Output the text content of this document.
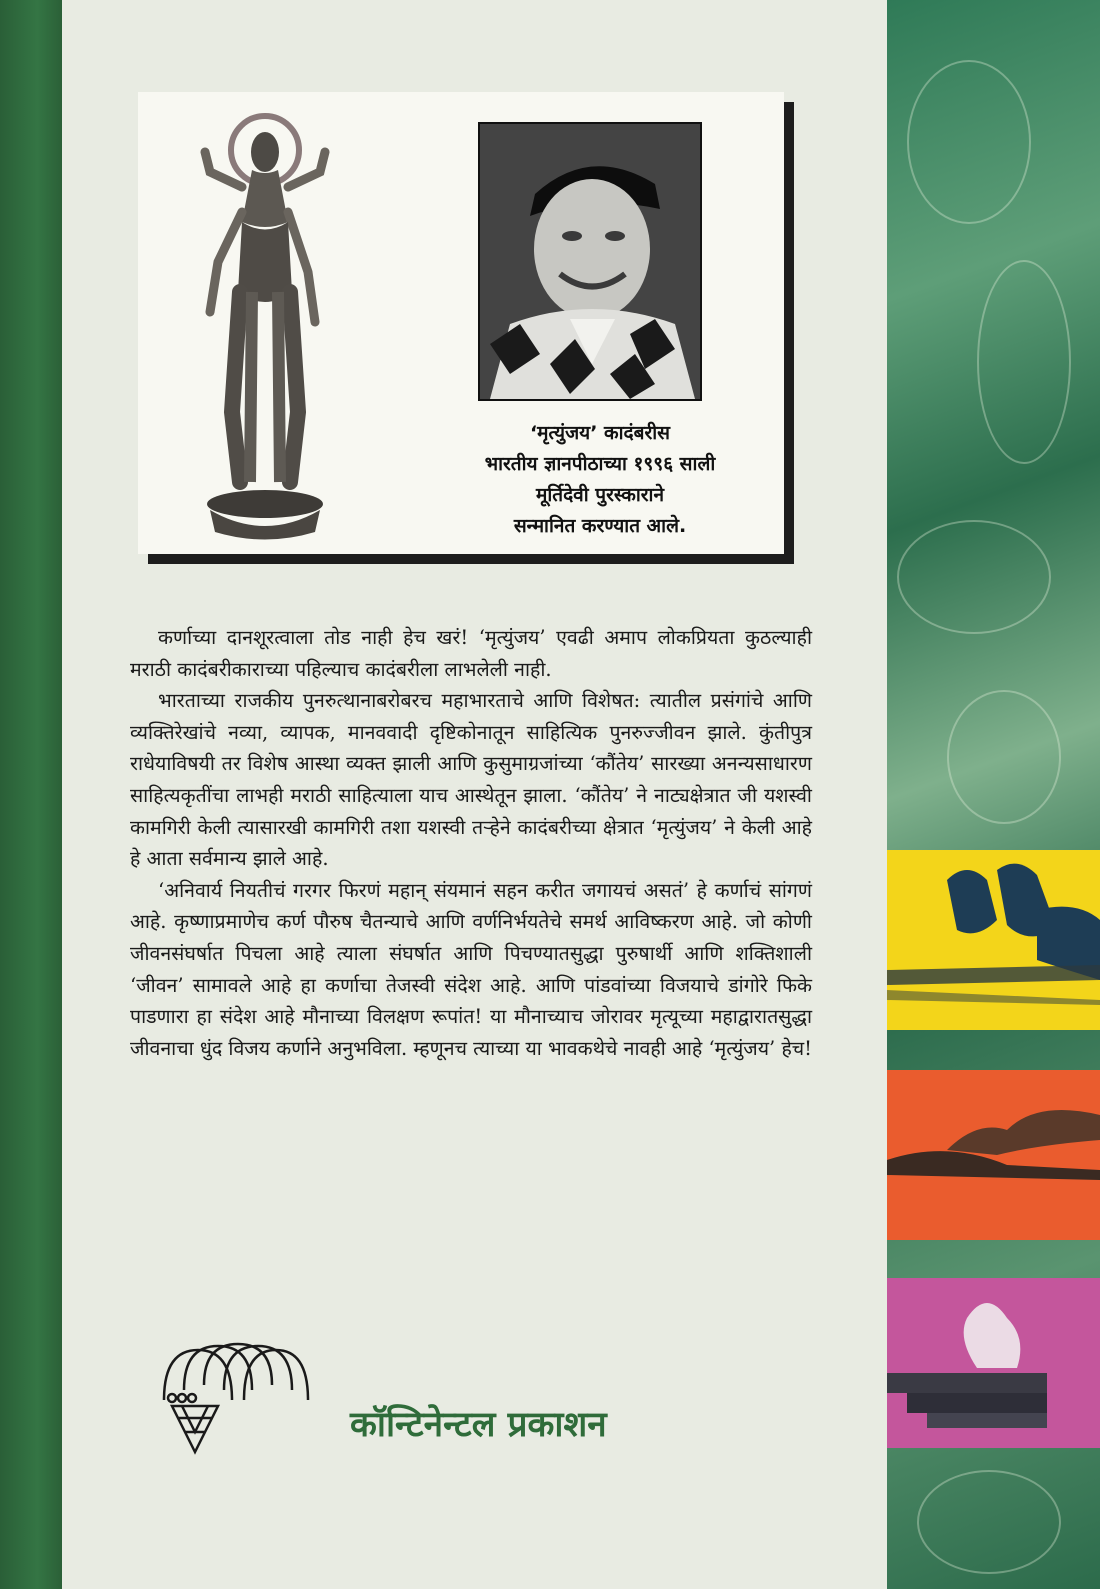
‘मृत्युंजय’ कादंबरीस
भारतीय ज्ञानपीठाच्या १९९६ साली
मूर्तिदेवी पुरस्काराने
सन्मानित करण्यात आले.

कर्णाच्या दानशूरत्वाला तोड नाही हेच खरं! ‘मृत्युंजय’ एवढी अमाप लोकप्रियता कुठल्याही मराठी कादंबरीकाराच्या पहिल्याच कादंबरीला लाभलेली नाही.

भारताच्या राजकीय पुनरुत्थानाबरोबरच महाभारताचे आणि विशेषत: त्यातील प्रसंगांचे आणि व्यक्तिरेखांचे नव्या, व्यापक, मानववादी दृष्टिकोनातून साहित्यिक पुनरुज्जीवन झाले. कुंतीपुत्र राधेयाविषयी तर विशेष आस्था व्यक्त झाली आणि कुसुमाग्रजांच्या ‘कौंतेय’ सारख्या अनन्यसाधारण साहित्यकृतींचा लाभही मराठी साहित्याला याच आस्थेतून झाला. ‘कौंतेय’ ने नाट्यक्षेत्रात जी यशस्वी कामगिरी केली त्यासारखी कामगिरी तशा यशस्वी तऱ्हेने कादंबरीच्या क्षेत्रात ‘मृत्युंजय’ ने केली आहे हे आता सर्वमान्य झाले आहे.

‘अनिवार्य नियतीचं गरगर फिरणं महान् संयमानं सहन करीत जगायचं असतं’ हे कर्णाचं सांगणं आहे. कृष्णाप्रमाणेच कर्ण पौरुष चैतन्याचे आणि वर्णनिर्भयतेचे समर्थ आविष्करण आहे. जो कोणी जीवनसंघर्षात पिचला आहे त्याला संघर्षात आणि पिचण्यातसुद्धा पुरुषार्थी आणि शक्तिशाली ‘जीवन’ सामावले आहे हा कर्णाचा तेजस्वी संदेश आहे. आणि पांडवांच्या विजयाचे डांगोरे फिके पाडणारा हा संदेश आहे मौनाच्या विलक्षण रूपांत! या मौनाच्याच जोरावर मृत्यूच्या महाद्वारातसुद्धा जीवनाचा धुंद विजय कर्णाने अनुभविला. म्हणूनच त्याच्या या भावकथेचे नावही आहे ‘मृत्युंजय’ हेच!

कॉन्टिनेन्टल प्रकाशन
